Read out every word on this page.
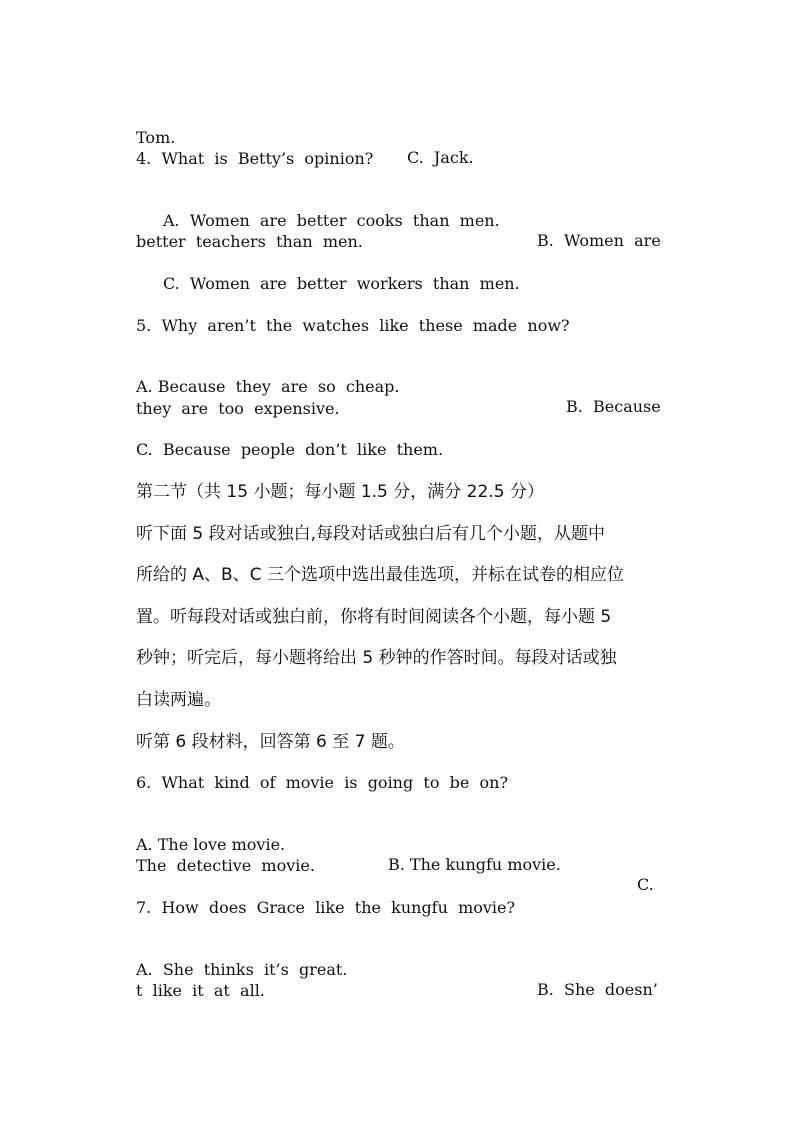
Tom.

C.  Jack.

4.  What  is  Betty’s  opinion?

A.  Women  are  better  cooks  than  men.

B.  Women  are

better  teachers  than  men.
C.  Women  are  better  workers  than  men.
5.  Why  aren’t  the  watches  like  these  made  now?

A. Because  they  are  so  cheap.

B.  Because

they  are  too  expensive.
C.  Because  people  don’t  like  them.
第二节（共 15 小题；每小题 1.5 分，满分 22.5 分）
听下面 5 段对话或独白,每段对话或独白后有几个小题，从题中
所给的 A、B、C 三个选项中选出最佳选项，并标在试卷的相应位
置。听每段对话或独白前，你将有时间阅读各个小题，每小题 5
秒钟；听完后，每小题将给出 5 秒钟的作答时间。每段对话或独
白读两遍。
听第 6 段材料，回答第 6 至 7 题。
6.  What  kind  of  movie  is  going  to  be  on?

A. The love movie.

B. The kungfu movie.

C.

The  detective  movie.
7.  How  does  Grace  like  the  kungfu  movie?

A.  She  thinks  it’s  great.

B.  She  doesn’

t  like  it  at  all.
